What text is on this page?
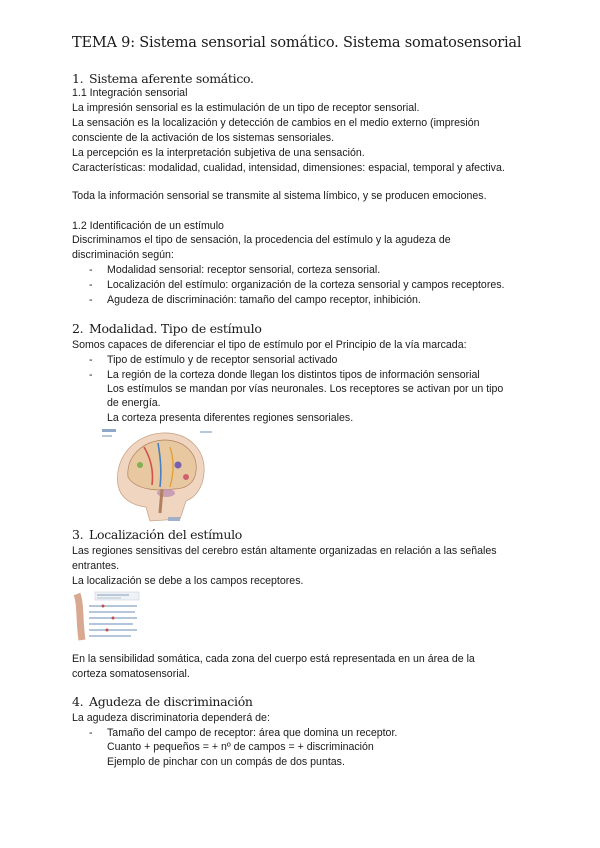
TEMA 9: Sistema sensorial somático. Sistema somatosensorial
1. Sistema aferente somático.
1.1 Integración sensorial
La impresión sensorial es la estimulación de un tipo de receptor sensorial.
La sensación es la localización y detección de cambios en el medio externo (impresión
consciente de la activación de los sistemas sensoriales.
La percepción es la interpretación subjetiva de una sensación.
Características: modalidad, cualidad, intensidad, dimensiones: espacial, temporal y afectiva.
Toda la información sensorial se transmite al sistema límbico, y se producen emociones.
1.2 Identificación de un estímulo
Discriminamos el tipo de sensación, la procedencia del estímulo y la agudeza de
discriminación según:
- Modalidad sensorial: receptor sensorial, corteza sensorial.
- Localización del estímulo: organización de la corteza sensorial y campos receptores.
- Agudeza de discriminación: tamaño del campo receptor, inhibición.
2. Modalidad. Tipo de estímulo
Somos capaces de diferenciar el tipo de estímulo por el Principio de la vía marcada:
- Tipo de estímulo y de receptor sensorial activado
- La región de la corteza donde llegan los distintos tipos de información sensorial
Los estímulos se mandan por vías neuronales. Los receptores se activan por un tipo
de energía.
La corteza presenta diferentes regiones sensoriales.
3. Localización del estímulo
Las regiones sensitivas del cerebro están altamente organizadas en relación a las señales
entrantes.
La localización se debe a los campos receptores.
En la sensibilidad somática, cada zona del cuerpo está representada en un área de la
corteza somatosensorial.
4. Agudeza de discriminación
La agudeza discriminatoria dependerá de:
- Tamaño del campo de receptor: área que domina un receptor.
Cuanto + pequeños = + nº de campos = + discriminación
Ejemplo de pinchar con un compás de dos puntas.
